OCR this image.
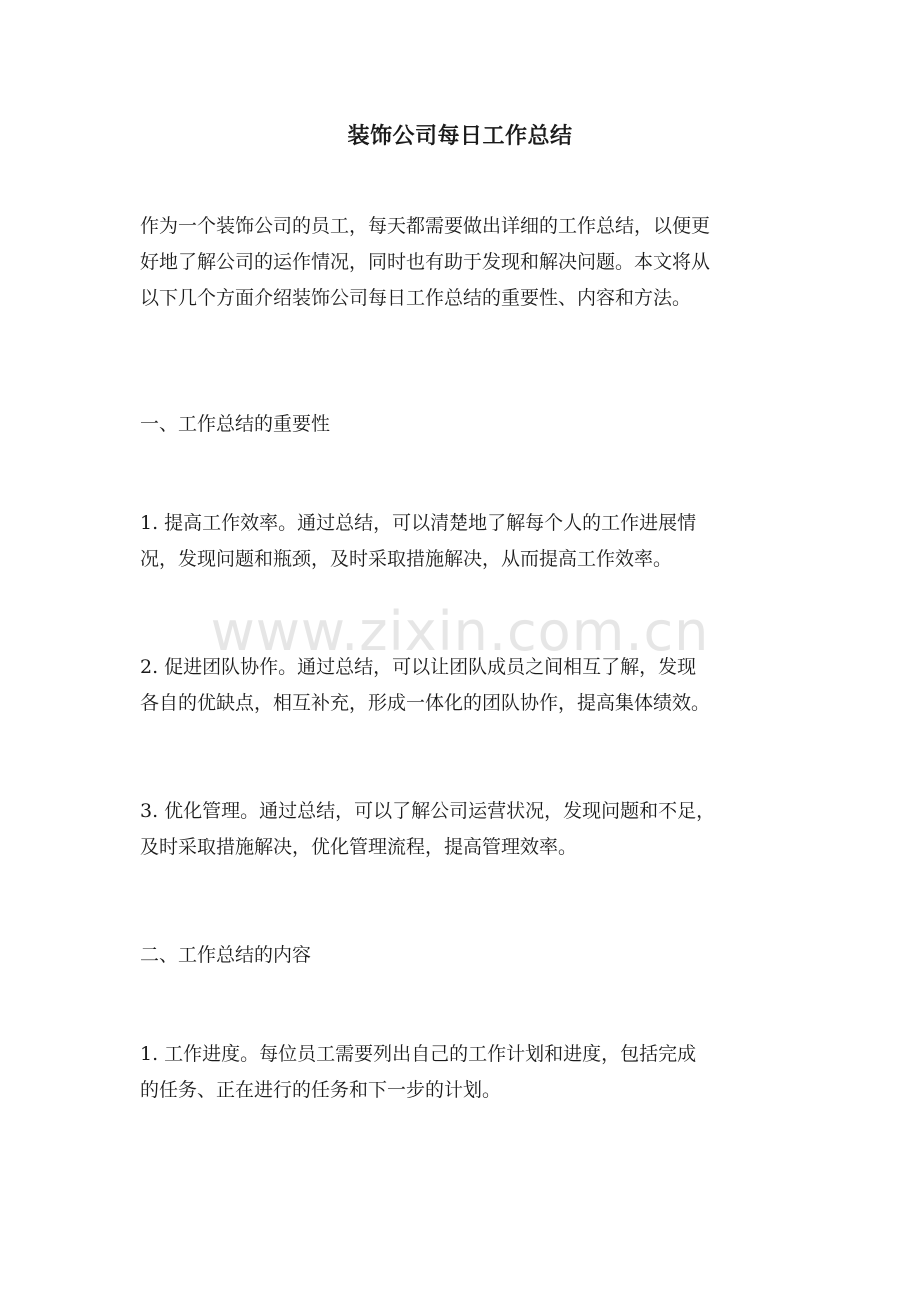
装饰公司每日工作总结
作为一个装饰公司的员工，每天都需要做出详细的工作总结，以便更
好地了解公司的运作情况，同时也有助于发现和解决问题。本文将从
以下几个方面介绍装饰公司每日工作总结的重要性、内容和方法。
一、工作总结的重要性
1. 提高工作效率。通过总结，可以清楚地了解每个人的工作进展情
况，发现问题和瓶颈，及时采取措施解决，从而提高工作效率。
2. 促进团队协作。通过总结，可以让团队成员之间相互了解，发现
各自的优缺点，相互补充，形成一体化的团队协作，提高集体绩效。
3. 优化管理。通过总结，可以了解公司运营状况，发现问题和不足，
及时采取措施解决，优化管理流程，提高管理效率。
二、工作总结的内容
1. 工作进度。每位员工需要列出自己的工作计划和进度，包括完成
的任务、正在进行的任务和下一步的计划。
www.zixin.com.cn
